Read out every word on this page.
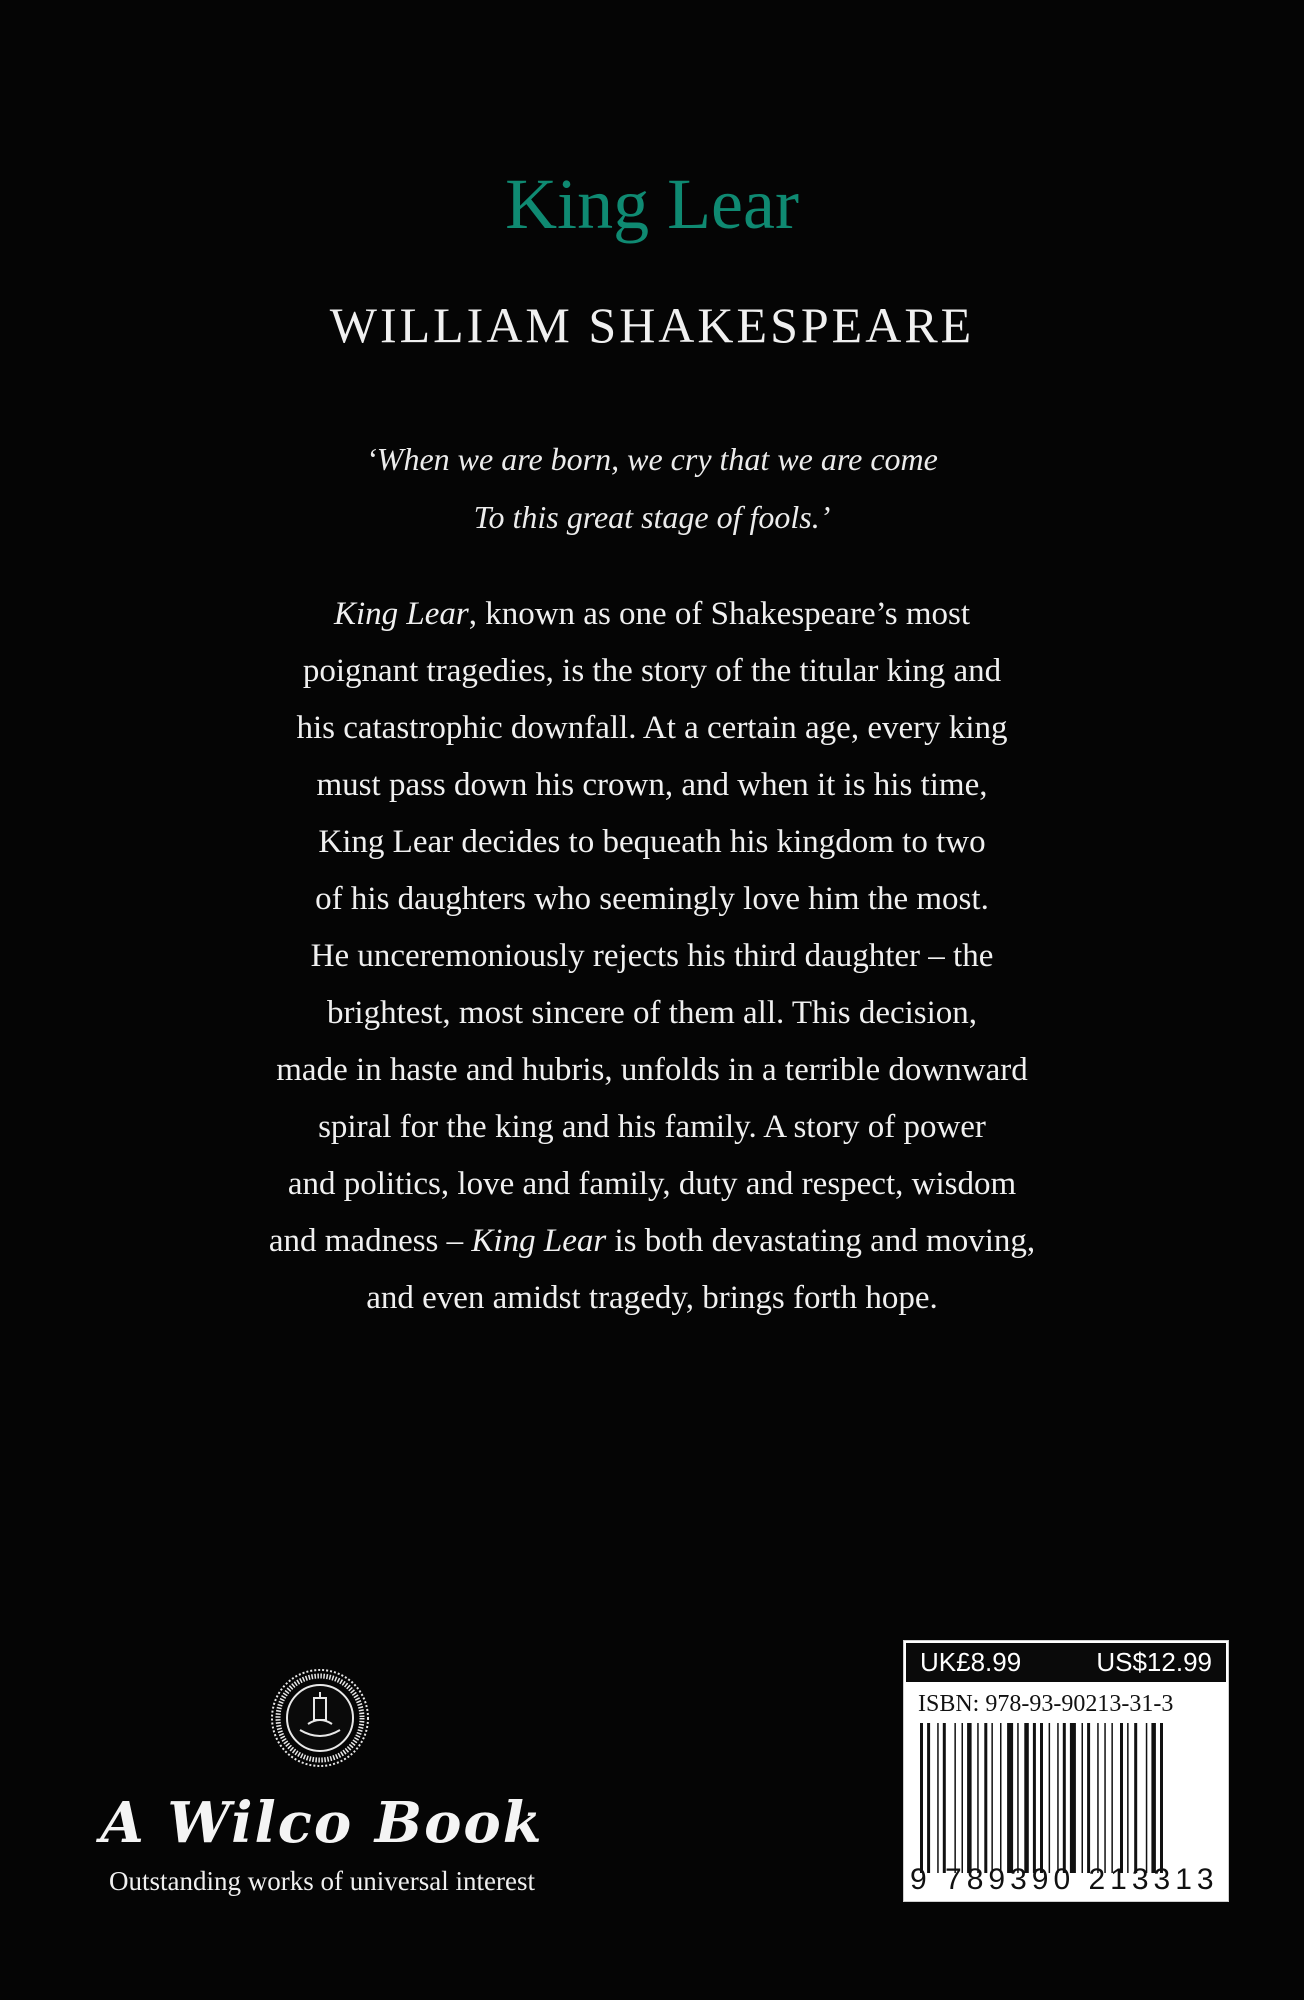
King Lear
WILLIAM SHAKESPEARE
‘When we are born, we cry that we are come
To this great stage of fools.’
King Lear, known as one of Shakespeare’s most
poignant tragedies, is the story of the titular king and
his catastrophic downfall. At a certain age, every king
must pass down his crown, and when it is his time,
King Lear decides to bequeath his kingdom to two
of his daughters who seemingly love him the most.
He unceremoniously rejects his third daughter – the
brightest, most sincere of them all. This decision,
made in haste and hubris, unfolds in a terrible downward
spiral for the king and his family. A story of power
and politics, love and family, duty and respect, wisdom
and madness – King Lear is both devastating and moving,
and even amidst tragedy, brings forth hope.
A Wilco Book
Outstanding works of universal interest
UK£8.99	US$12.99
ISBN: 978-93-90213-31-3
9 789390 213313
